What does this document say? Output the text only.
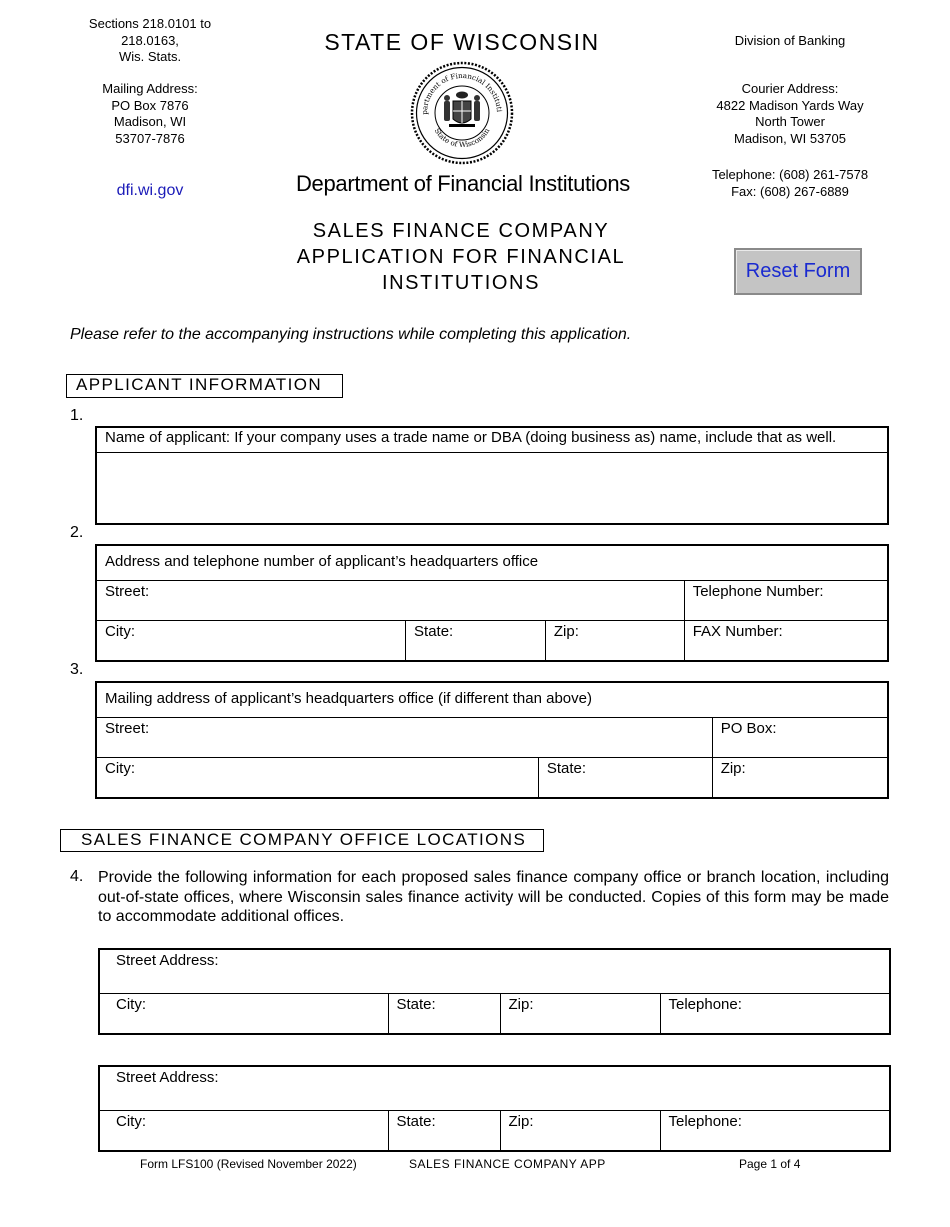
Sections 218.0101 to
218.0163,
Wis. Stats.
Mailing Address:
PO Box 7876
Madison, WI
53707-7876
dfi.wi.gov
STATE OF WISCONSIN
partment of Financial Instituti
State of Wisconsin
Department of Financial Institutions
SALES FINANCE COMPANY
APPLICATION FOR FINANCIAL
INSTITUTIONS
Division of Banking
Courier Address:
4822 Madison Yards Way
North Tower
Madison, WI 53705
Telephone: (608) 261-7578
Fax: (608) 267-6889
Reset Form
Please refer to the accompanying instructions while completing this application.
APPLICANT INFORMATION
1.
Name of applicant: If your company uses a trade name or DBA (doing business as) name, include that as well.

2.
Address and telephone number of applicant’s headquarters office			
Street:			Telephone Number:

City:	State:	Zip:	FAX Number:
3.
Mailing address of applicant’s headquarters office (if different than above)		
Street:		PO Box:

City:	State:	Zip:
SALES FINANCE COMPANY OFFICE LOCATIONS
4. Provide the following information for each proposed sales finance company office or branch location, including out-of-state offices, where Wisconsin sales finance activity will be conducted. Copies of this form may be made to accommodate additional offices.
Street Address:

City:	State:	Zip:	Telephone:
Street Address:

City:	State:	Zip:	Telephone:
Form LFS100 (Revised November 2022)	SALES FINANCE COMPANY APP	Page 1 of 4
